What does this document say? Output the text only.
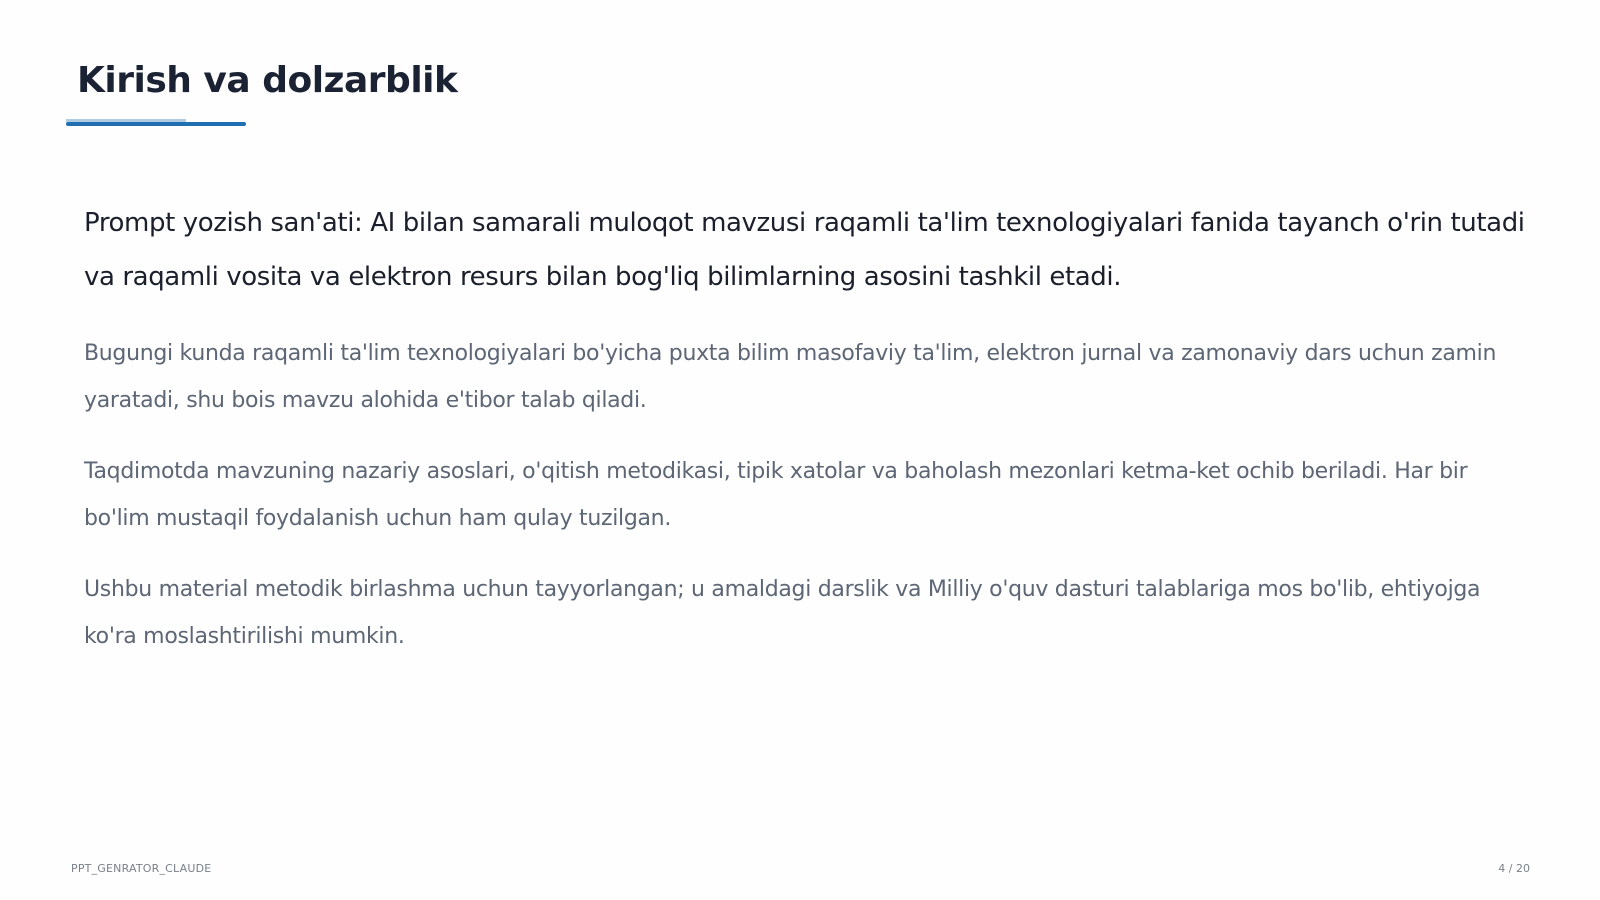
Kirish va dolzarblik

Prompt yozish san'ati: AI bilan samarali muloqot mavzusi raqamli ta'lim texnologiyalari fanida tayanch o'rin tutadi va raqamli vosita va elektron resurs bilan bog'liq bilimlarning asosini tashkil etadi.

Bugungi kunda raqamli ta'lim texnologiyalari bo'yicha puxta bilim masofaviy ta'lim, elektron jurnal va zamonaviy dars uchun zamin yaratadi, shu bois mavzu alohida e'tibor talab qiladi.

Taqdimotda mavzuning nazariy asoslari, o'qitish metodikasi, tipik xatolar va baholash mezonlari ketma-ket ochib beriladi. Har bir bo'lim mustaqil foydalanish uchun ham qulay tuzilgan.

Ushbu material metodik birlashma uchun tayyorlangan; u amaldagi darslik va Milliy o'quv dasturi talablariga mos bo'lib, ehtiyojga ko'ra moslashtirilishi mumkin.

PPT_GENRATOR_CLAUDE	4 / 20
